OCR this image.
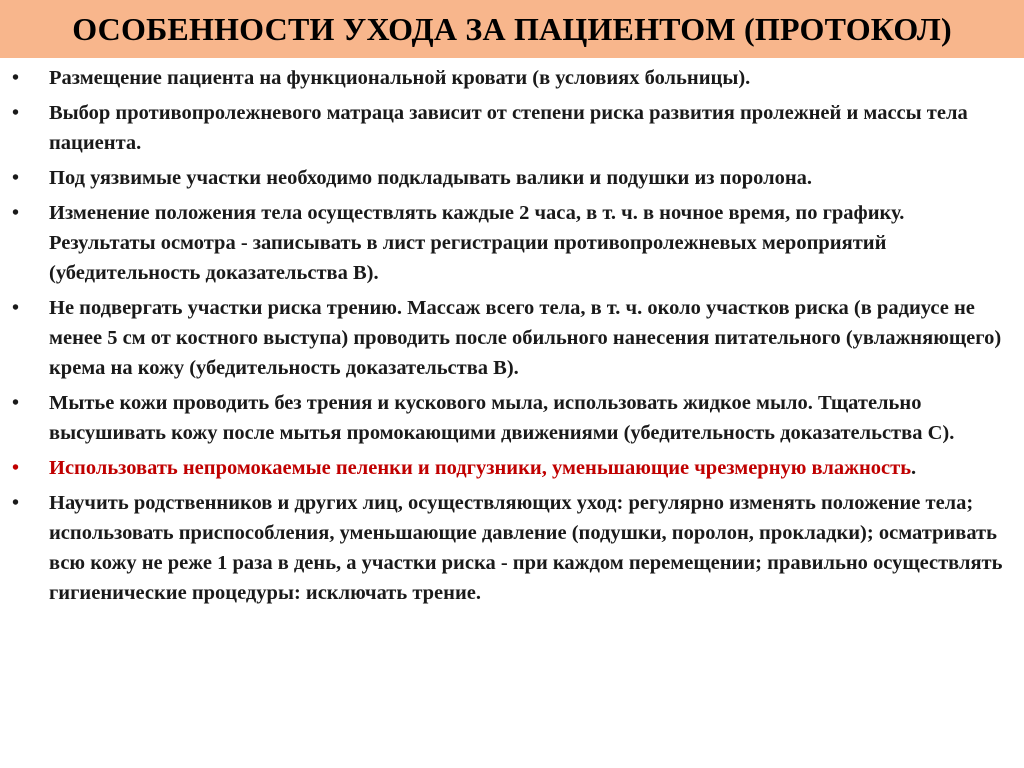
ОСОБЕННОСТИ УХОДА ЗА ПАЦИЕНТОМ (ПРОТОКОЛ)
• Размещение пациента на функциональной кровати (в условиях больницы).
• Выбор противопролежневого матраца зависит от степени риска развития пролежней и массы тела пациента.
• Под уязвимые участки необходимо подкладывать валики и подушки из поролона.
• Изменение положения тела осуществлять каждые 2 часа, в т. ч. в ночное время, по графику. Результаты осмотра - записывать в лист регистрации противопролежневых мероприятий (убедительность доказательства В).
• Не подвергать участки риска трению. Массаж всего тела, в т. ч. около участков риска (в радиусе не менее 5 см от костного выступа) проводить после обильного нанесения питательного (увлажняющего) крема на кожу (убедительность доказательства В).
• Мытье кожи проводить без трения и кускового мыла, использовать жидкое мыло. Тщательно высушивать кожу после мытья промокающими движениями (убедительность доказательства С).
• Использовать непромокаемые пеленки и подгузники, уменьшающие чрезмерную влажность.
• Научить родственников и других лиц, осуществляющих уход: регулярно изменять положение тела; использовать приспособления, уменьшающие давление (подушки, поролон, прокладки); осматривать всю кожу не реже 1 раза в день, а участки риска - при каждом перемещении; правильно осуществлять гигиенические процедуры: исключать трение.
